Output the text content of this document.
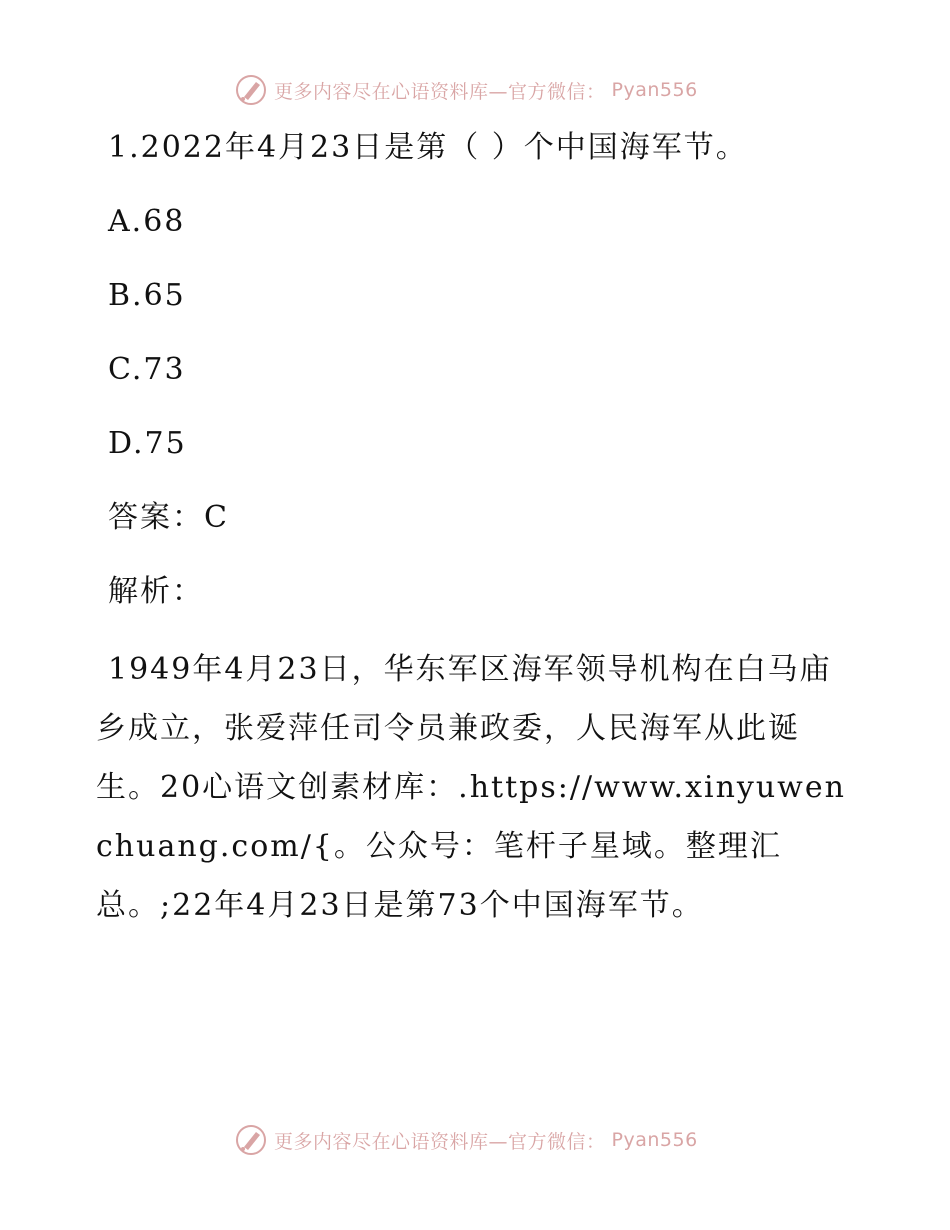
更多内容尽在心语资料库—官方微信： Pyan556
1.2022年4月23日是第（ ）个中国海军节。
A.68
B.65
C.73
D.75
答案：C
解析：
1949年4月23日，华东军区海军领导机构在白马庙乡成立，张爱萍任司令员兼政委，人民海军从此诞生。20心语文创素材库：.https://www.xinyuwenchuang.com/{。公众号：笔杆子星域。整理汇总。;22年4月23日是第73个中国海军节。
更多内容尽在心语资料库—官方微信： Pyan556
